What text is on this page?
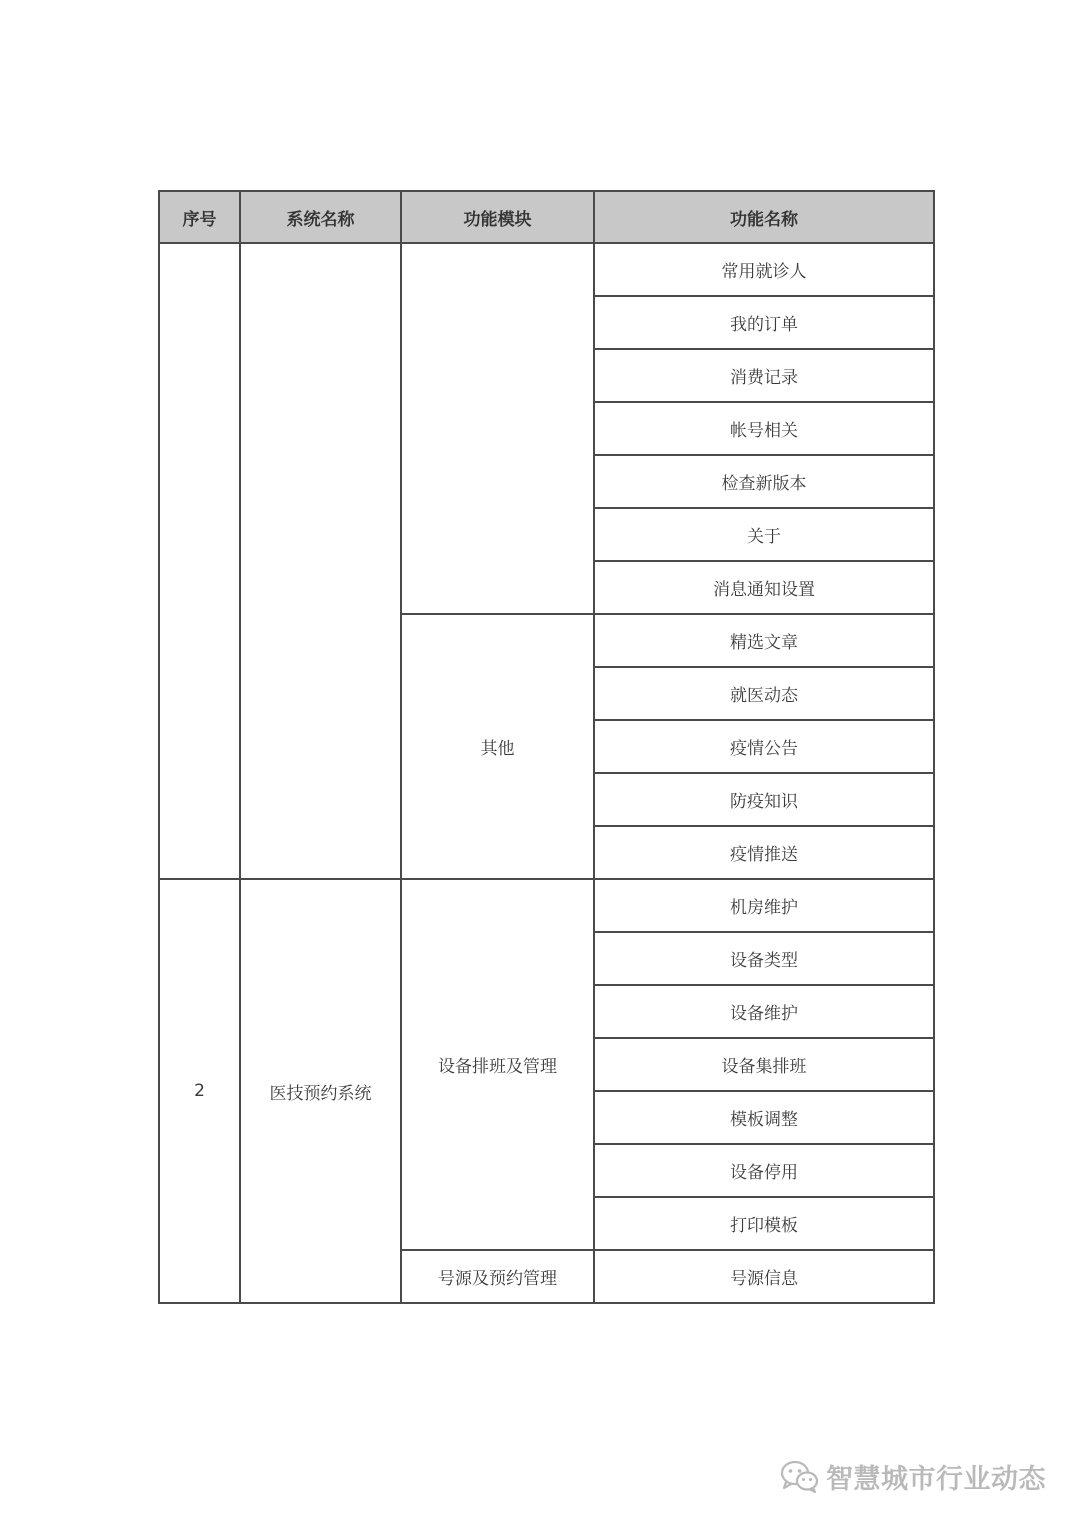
序号	系统名称	功能模块	功能名称
			常用就诊人
			我的订单
			消费记录
			帐号相关
			检查新版本
			关于
			消息通知设置
		其他	精选文章
			就医动态
			疫情公告
			防疫知识
			疫情推送
2	医技预约系统	设备排班及管理	机房维护
			设备类型
			设备维护
			设备集排班
			模板调整
			设备停用
			打印模板
		号源及预约管理	号源信息
智慧城市行业动态
